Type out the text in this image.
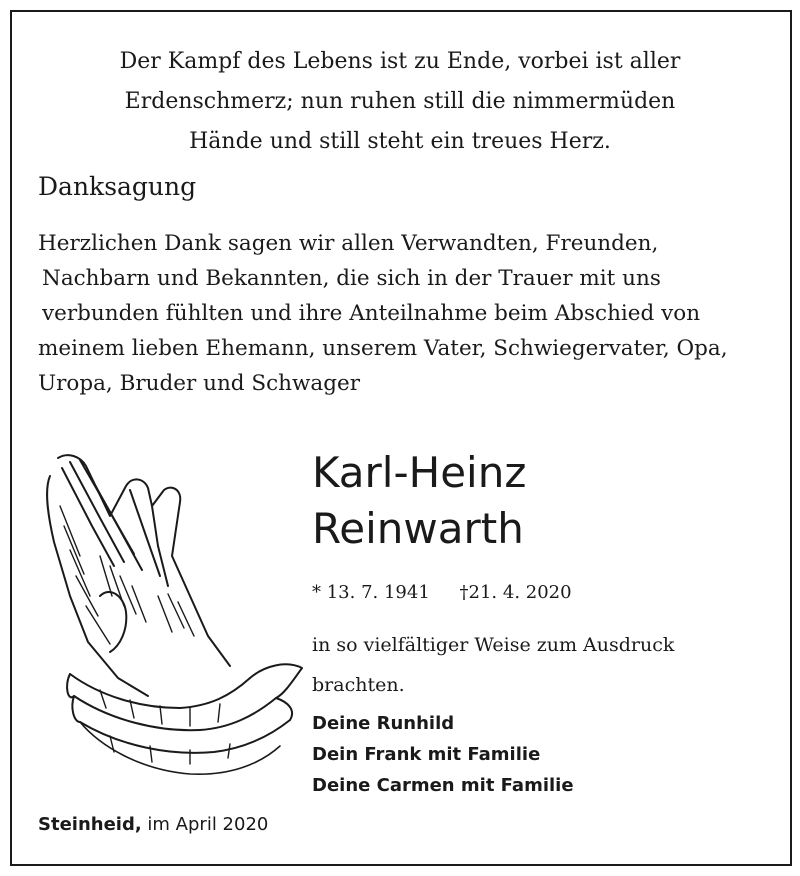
Der Kampf des Lebens ist zu Ende, vorbei ist aller
Erdenschmerz; nun ruhen still die nimmermüden
Hände und still steht ein treues Herz.
Danksagung
Herzlichen Dank sagen wir allen Verwandten, Freunden,
Nachbarn und Bekannten, die sich in der Trauer mit uns
verbunden fühlten und ihre Anteilnahme beim Abschied von
meinem lieben Ehemann, unserem Vater, Schwiegervater, Opa,
Uropa, Bruder und Schwager
Karl-Heinz
Reinwarth
* 13. 7. 1941 †21. 4. 2020
in so vielfältiger Weise zum Ausdruck
brachten.
Deine Runhild
Dein Frank mit Familie
Deine Carmen mit Familie
Steinheid, im April 2020
